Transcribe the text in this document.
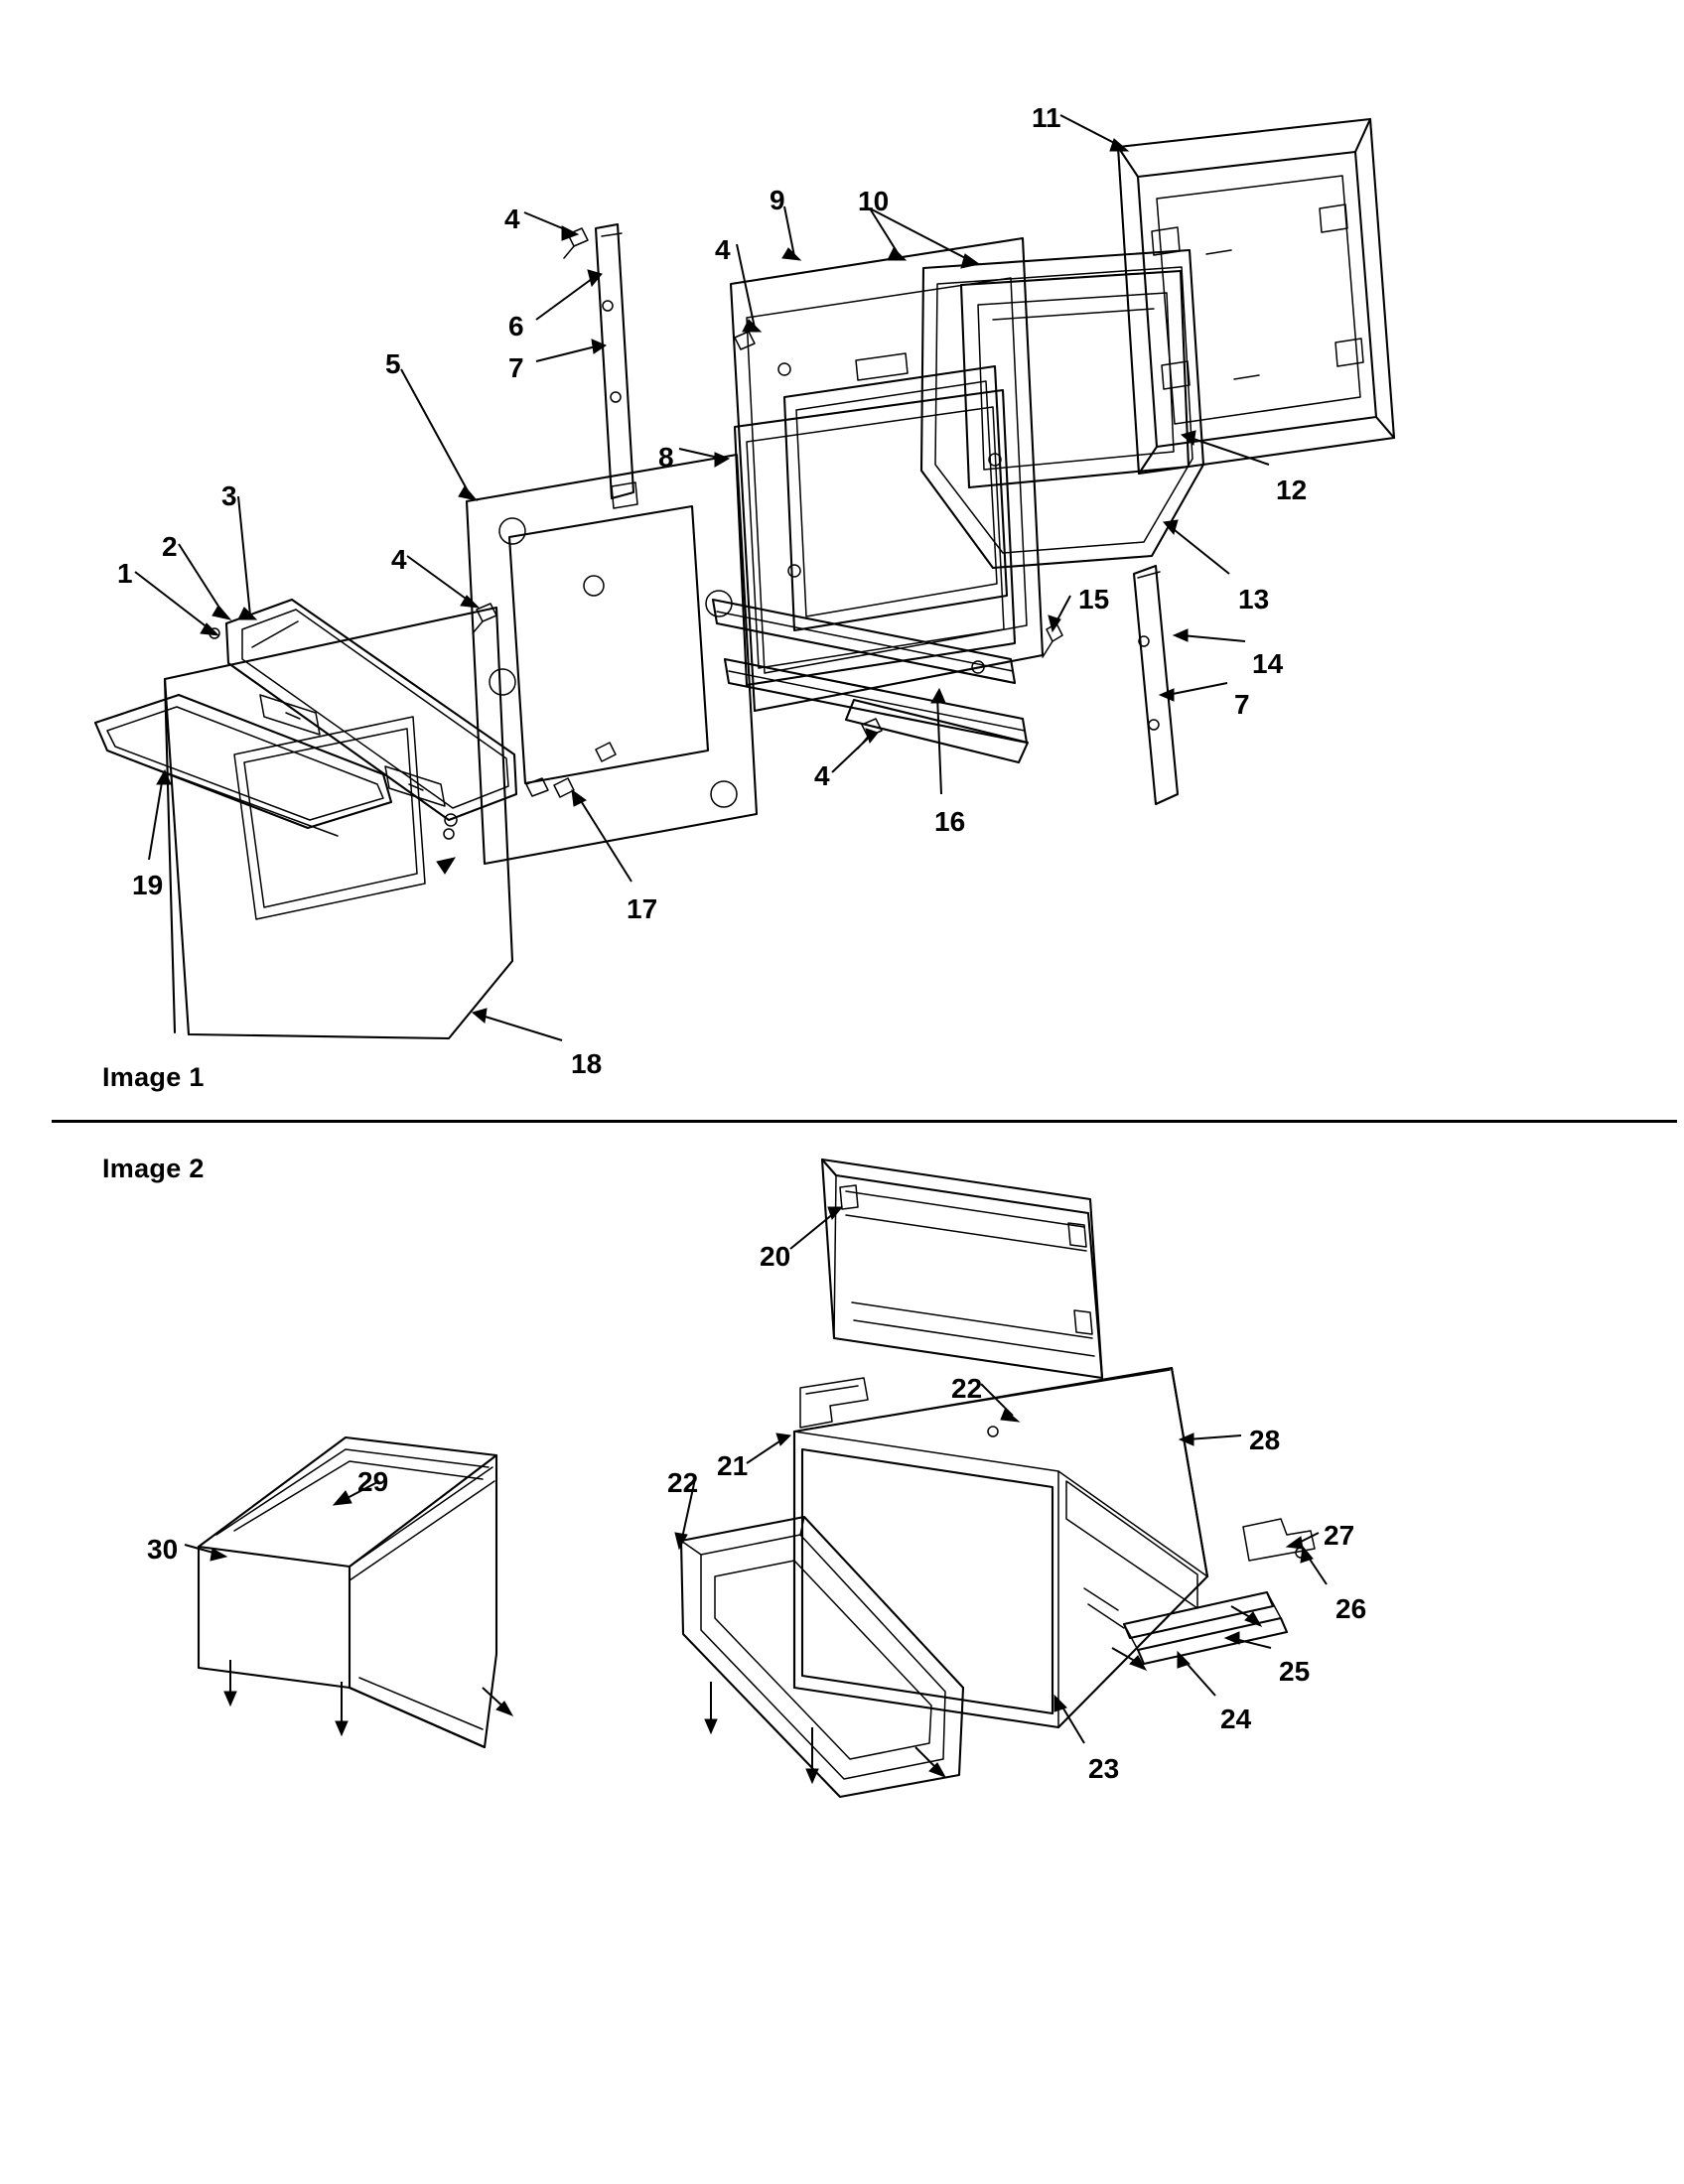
Image 1
Image 2
4
9	10
11
6
4
7
5
8
12
13
3
2
1	4
15
14
7
4
16
19
17
18
20
22
28
22
21
29
27
30
26
25
24
23
